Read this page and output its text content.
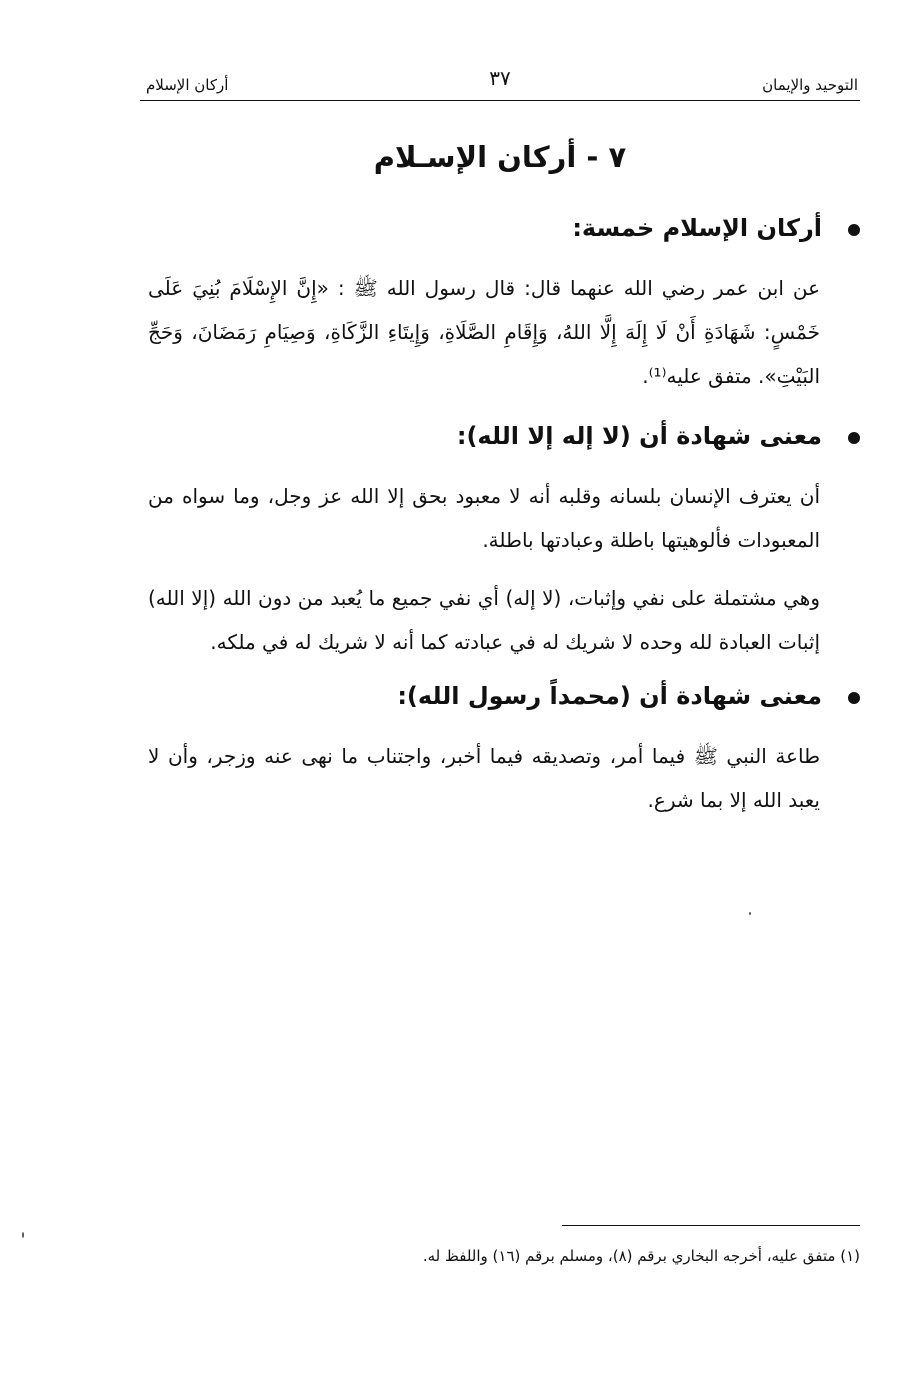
التوحيد والإيمان
٣٧
أركان الإسلام
٧ - أركان الإسـلام
أركان الإسلام خمسة:
عن ابن عمر رضي الله عنهما قال: قال رسول الله ﷺ : «إِنَّ الإِسْلَامَ بُنِيَ عَلَى خَمْسٍ: شَهَادَةِ أَنْ لَا إِلَهَ إِلَّا اللهُ، وَإِقَامِ الصَّلَاةِ، وَإِيتَاءِ الزَّكَاةِ، وَصِيَامِ رَمَضَانَ، وَحَجِّ البَيْتِ». متفق عليه⁽¹⁾.
معنى شهادة أن (لا إله إلا الله):
أن يعترف الإنسان بلسانه وقلبه أنه لا معبود بحق إلا الله عز وجل، وما سواه من المعبودات فألوهيتها باطلة وعبادتها باطلة.
وهي مشتملة على نفي وإثبات، (لا إله) أي نفي جميع ما يُعبد من دون الله (إلا الله) إثبات العبادة لله وحده لا شريك له في عبادته كما أنه لا شريك له في ملكه.
معنى شهادة أن (محمداً رسول الله):
طاعة النبي ﷺ فيما أمر، وتصديقه فيما أخبر، واجتناب ما نهى عنه وزجر، وأن لا يعبد الله إلا بما شرع.
(١) متفق عليه، أخرجه البخاري برقم (٨)، ومسلم برقم (١٦) واللفظ له.
